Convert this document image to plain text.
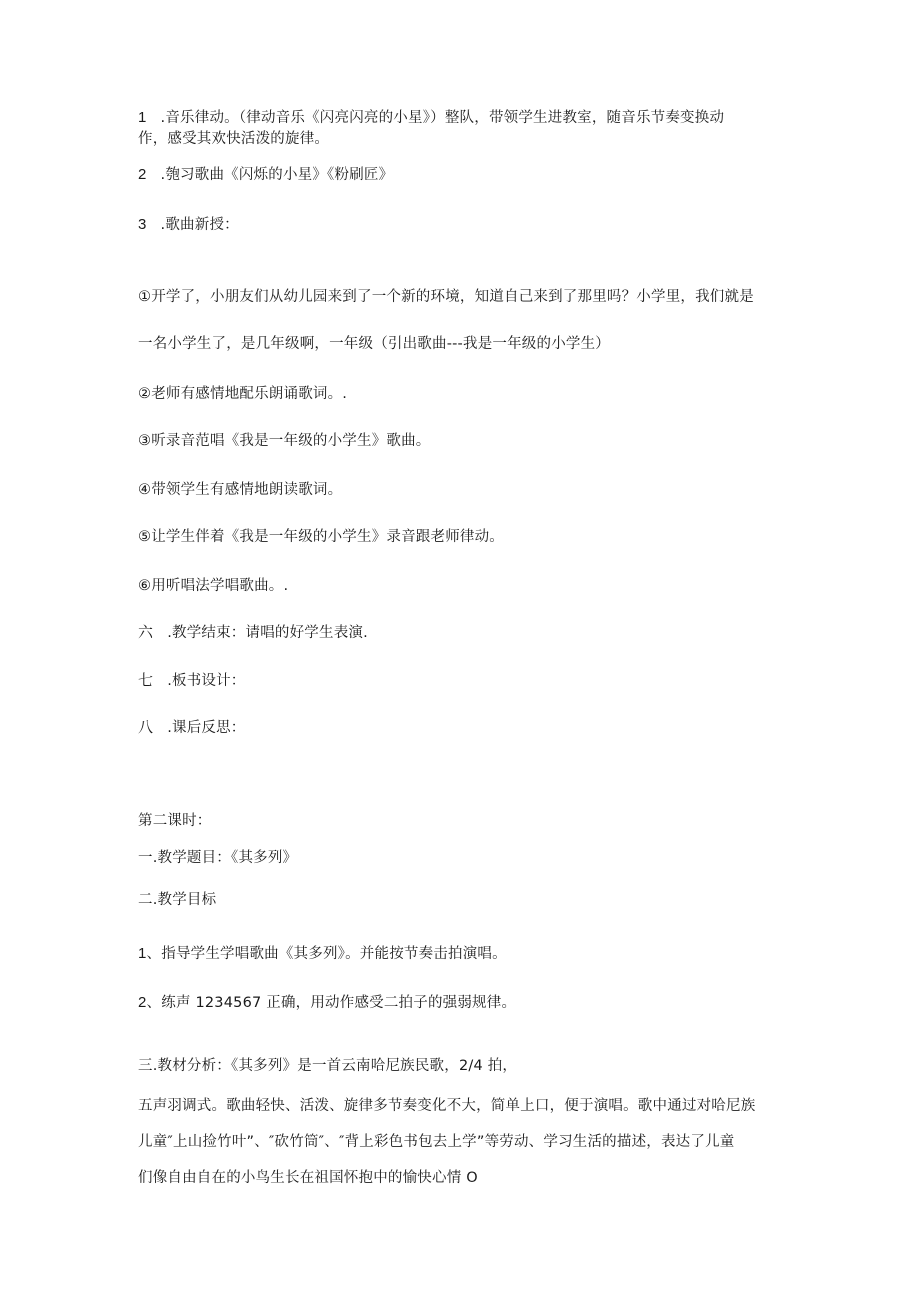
1 .音乐律动。（律动音乐《闪亮闪亮的小星》）整队，带领学生进教室，随音乐节奏变换动
作，感受其欢快活泼的旋律。
2 .匏习歌曲《闪烁的小星》《粉刷匠》
3 .歌曲新授：
①开学了，小朋友们从幼儿园来到了一个新的环境，知道自己来到了那里吗？小学里，我们就是
一名小学生了，是几年级啊，一年级（引出歌曲---我是一年级的小学生）
②老师有感情地配乐朗诵歌词。.
③听录音范唱《我是一年级的小学生》歌曲。
④带领学生有感情地朗读歌词。
⑤让学生伴着《我是一年级的小学生》录音跟老师律动。
⑥用听唱法学唱歌曲。.
六 .教学结束：请唱的好学生表演.
七 .板书设计：
八 .课后反思：
第二课时：
一.教学题目：《其多列》
二.教学目标
1、指导学生学唱歌曲《其多列》。并能按节奏击拍演唱。
2、练声 1234567 正确，用动作感受二拍子的强弱规律。
三.教材分析：《其多列》是一首云南哈尼族民歌，2/4 拍，
五声羽调式。歌曲轻快、活泼、旋律多节奏变化不大，简单上口，便于演唱。歌中通过对哈尼族
儿童″上山捡竹叶”、″砍竹筒″、″背上彩色书包去上学”等劳动、学习生活的描述，表达了儿童
们像自由自在的小鸟生长在祖国怀抱中的愉快心情 O
